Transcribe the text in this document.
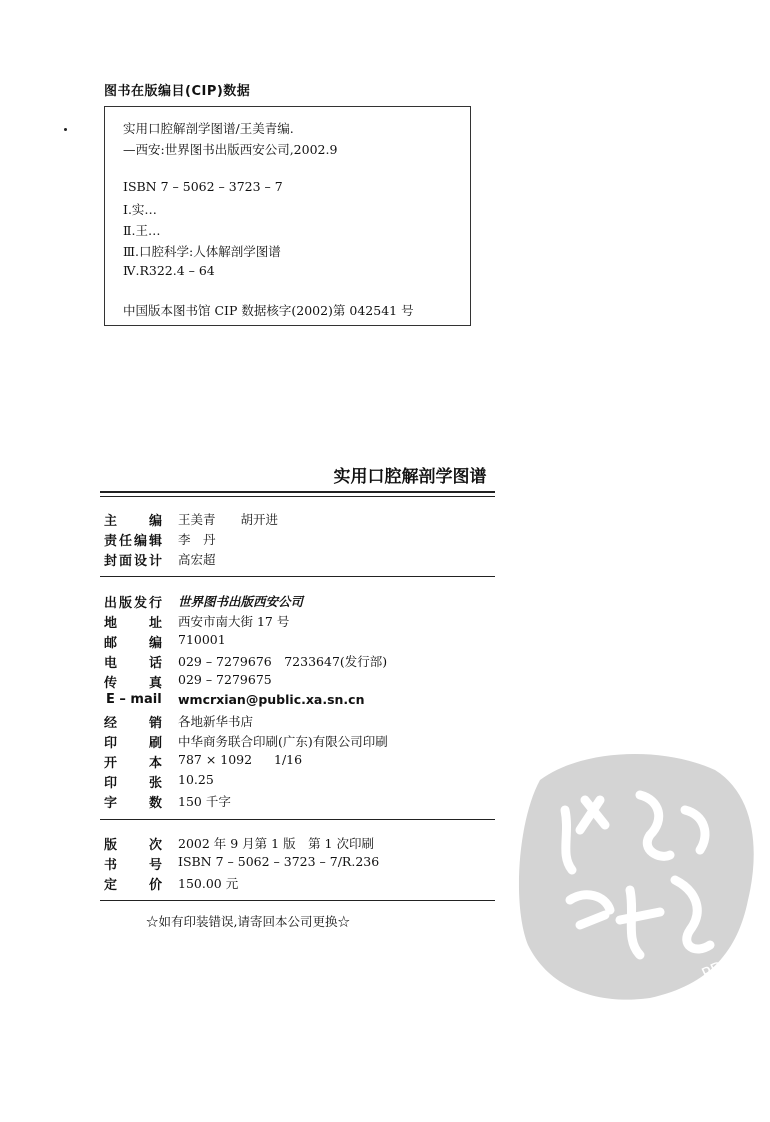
图书在版编目(CIP)数据
实用口腔解剖学图谱/王美青编.
—西安:世界图书出版西安公司,2002.9
ISBN 7 – 5062 – 3723 – 7
Ⅰ.实…
Ⅱ.王…
Ⅲ.口腔科学:人体解剖学图谱
Ⅳ.R322.4 – 64
中国版本图书馆 CIP 数据核字(2002)第 042541 号
实用口腔解剖学图谱
主　　编 王美青　　胡开进
责任编辑 李　丹
封面设计 高宏超
出版发行 世界图书出版西安公司
地　　址 西安市南大街 17 号
邮　　编 710001
电　　话 029 – 7279676　7233647(发行部)
传　　真 029 – 7279675
E – mail wmcrxian@public.xa.sn.cn
经　　销 各地新华书店
印　　刷 中华商务联合印刷(广东)有限公司印刷
开　　本 787 × 1092 1/16
印　　张 10.25
字　　数 150 千字
版　　次 2002 年 9 月第 1 版　第 1 次印刷
书　　号 ISBN 7 – 5062 – 3723 – 7/R.236
定　　价 150.00 元
☆如有印装错误,请寄回本公司更换☆
PDG
